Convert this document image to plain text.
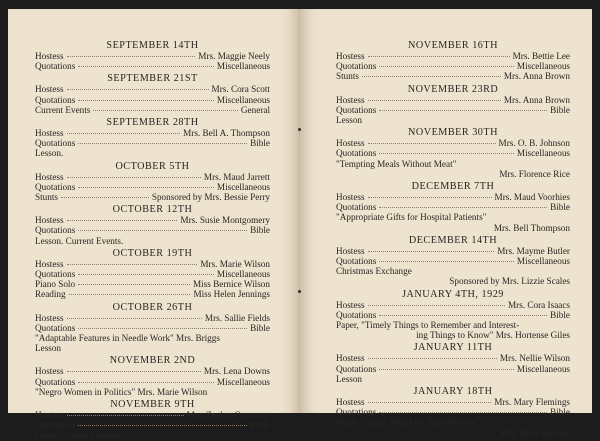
SEPTEMBER 14TH
Hostess	Mrs. Maggie Neely
Quotations	Miscellaneous
SEPTEMBER 21ST
Hostess	Mrs. Cora Scott
Quotations	Miscellaneous
Current Events	General
SEPTEMBER 28TH
Hostess	Mrs. Bell A. Thompson
Quotations	Bible
Lesson.
OCTOBER 5TH
Hostess	Mrs. Maud Jarrett
Quotations	Miscellaneous
Stunts	Sponsored by Mrs. Bessie Perry
OCTOBER 12TH
Hostess	Mrs. Susie Montgomery
Quotations	Bible
Lesson. Current Events.
OCTOBER 19TH
Hostess	Mrs. Marie Wilson
Quotations	Miscellaneous
Piano Solo	Miss Bernice Wilson
Reading	Miss Helen Jennings
OCTOBER 26TH
Hostess	Mrs. Sallie Fields
Quotations	Bible
"Adaptable Features in Needle Work" Mrs. Briggs
Lesson
NOVEMBER 2ND
Hostess	Mrs. Lena Downs
Quotations	Miscellaneous
"Negro Women in Politics" Mrs. Marie Wilson
NOVEMBER 9TH
Hostess	Mrs. Zephra Carraway
Quotations	Bible
Lesson. Current Events.
NOVEMBER 16TH
Hostess	Mrs. Bettie Lee
Quotations	Miscellaneous
Stunts	Mrs. Anna Brown
NOVEMBER 23RD
Hostess	Mrs. Anna Brown
Quotations	Bible
Lesson
NOVEMBER 30TH
Hostess	Mrs. O. B. Johnson
Quotations	Miscellaneous
"Tempting Meals Without Meat"
Mrs. Florence Rice
DECEMBER 7TH
Hostess	Mrs. Maud Voorhies
Quotations	Bible
"Appropriate Gifts for Hospital Patients"
Mrs. Bell Thompson
DECEMBER 14TH
Hostess	Mrs. Mayme Butler
Quotations	Miscellaneous
Christmas Exchange
Sponsored by Mrs. Lizzie Scales
JANUARY 4TH, 1929
Hostess	Mrs. Cora Isaacs
Quotations	Bible
Paper, "Timely Things to Remember and Interest-
ing Things to Know" Mrs. Hortense Giles
JANUARY 11TH
Hostess	Mrs. Nellie Wilson
Quotations	Miscellaneous
Lesson
JANUARY 18TH
Hostess	Mrs. Mary Flemings
Quotations	Bible
Paper, "Quick Meals for Busy Women"
Mrs. Alice Holmes
